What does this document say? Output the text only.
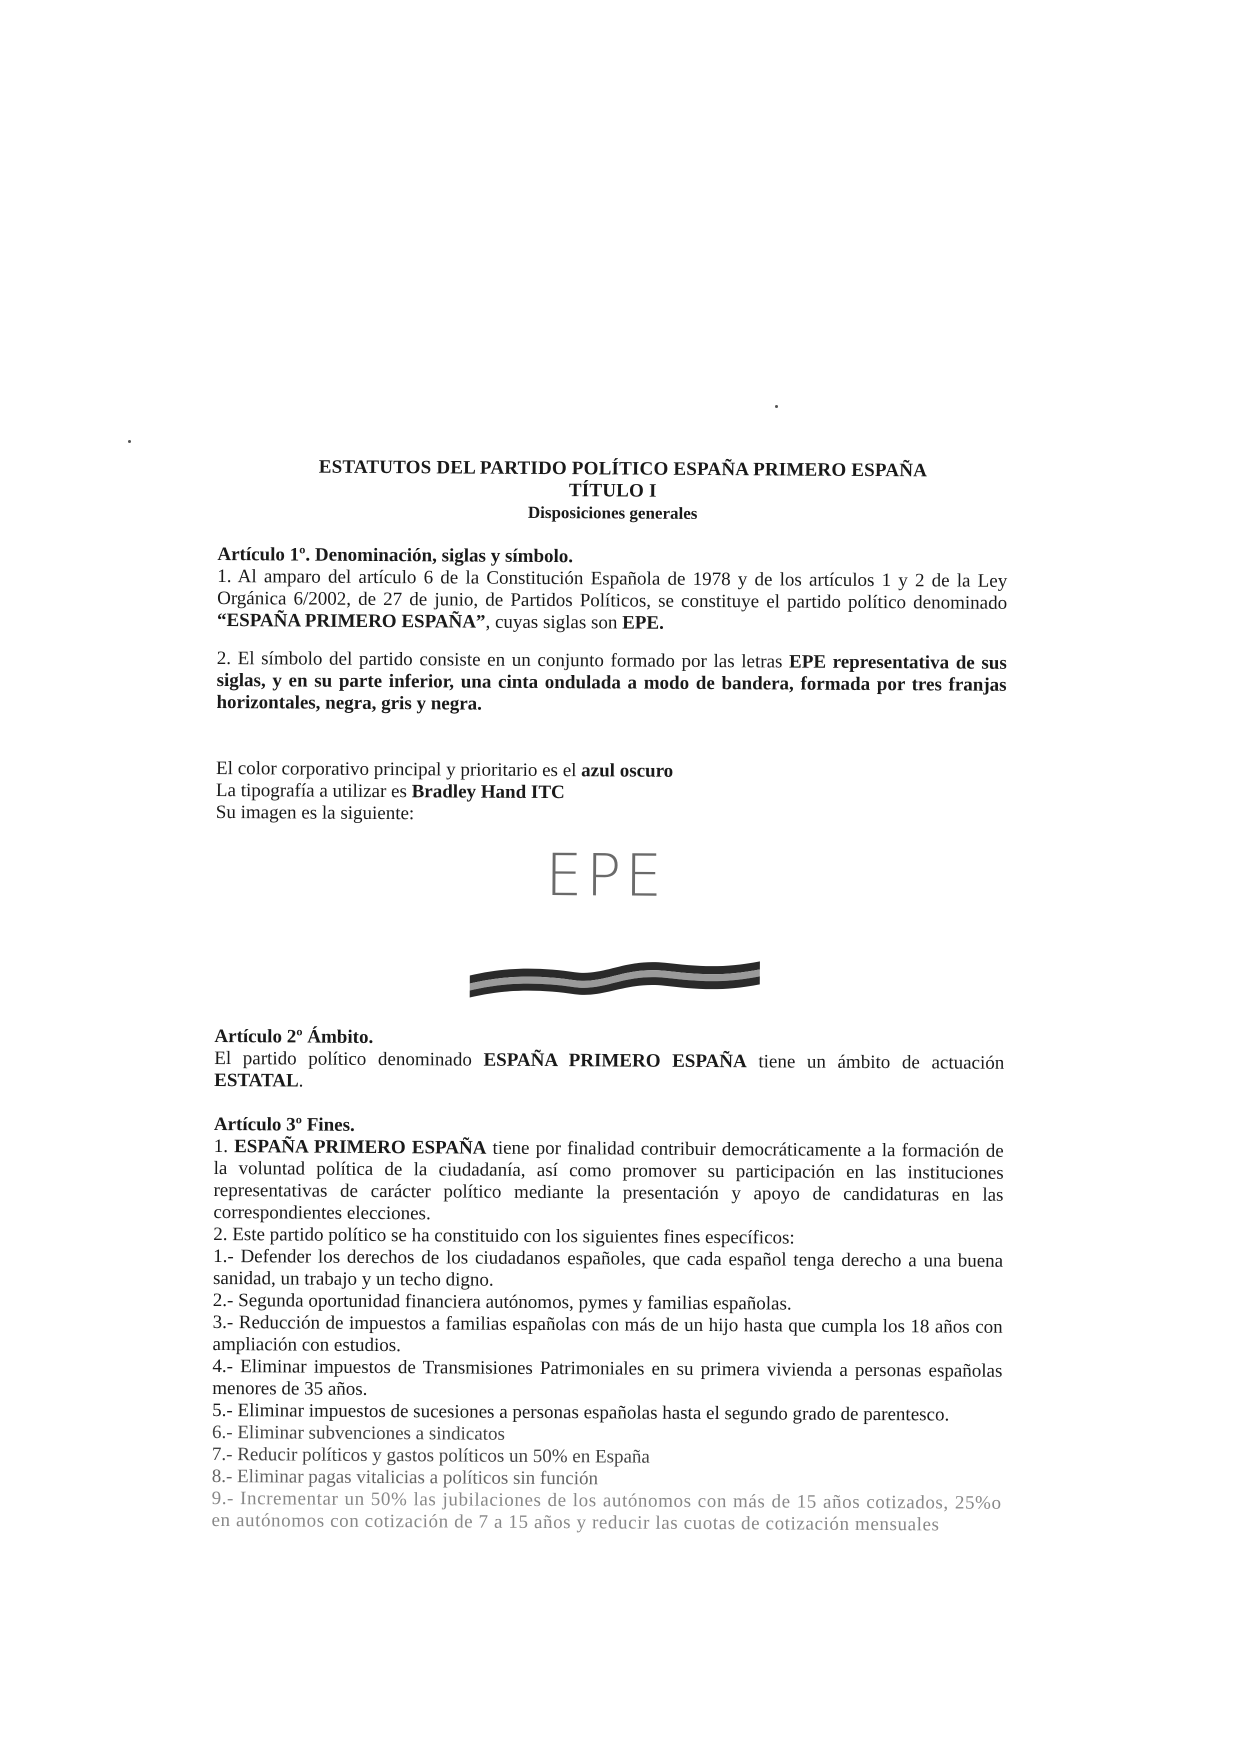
ESTATUTOS DEL PARTIDO POLÍTICO ESPAÑA PRIMERO ESPAÑA
TÍTULO I
Disposiciones generales
Artículo 1º. Denominación, siglas y símbolo.

1. Al amparo del artículo 6 de la Constitución Española de 1978 y de los artículos 1 y 2 de la Ley Orgánica 6/2002, de 27 de junio, de Partidos Políticos, se constituye el partido político denominado “ESPAÑA PRIMERO ESPAÑA”, cuyas siglas son EPE.

2. El símbolo del partido consiste en un conjunto formado por las letras EPE representativa de sus siglas, y en su parte inferior, una cinta ondulada a modo de bandera, formada por tres franjas horizontales, negra, gris y negra.

El color corporativo principal y prioritario es el azul oscuro
La tipografía a utilizar es Bradley Hand ITC
Su imagen es la siguiente:
EPE
Artículo 2º Ámbito.

El partido político denominado ESPAÑA PRIMERO ESPAÑA tiene un ámbito de actuación ESTATAL.

Artículo 3º Fines.

1. ESPAÑA PRIMERO ESPAÑA tiene por finalidad contribuir democráticamente a la formación de la voluntad política de la ciudadanía, así como promover su participación en las instituciones representativas de carácter político mediante la presentación y apoyo de candidaturas en las correspondientes elecciones.

2. Este partido político se ha constituido con los siguientes fines específicos:

1.- Defender los derechos de los ciudadanos españoles, que cada español tenga derecho a una buena sanidad, un trabajo y un techo digno.

2.- Segunda oportunidad financiera autónomos, pymes y familias españolas.

3.- Reducción de impuestos a familias españolas con más de un hijo hasta que cumpla los 18 años con ampliación con estudios.

4.- Eliminar impuestos de Transmisiones Patrimoniales en su primera vivienda a personas españolas menores de 35 años.

5.- Eliminar impuestos de sucesiones a personas españolas hasta el segundo grado de parentesco.

6.- Eliminar subvenciones a sindicatos

7.- Reducir políticos y gastos políticos un 50% en España

8.- Eliminar pagas vitalicias a políticos sin función

9.- Incrementar un 50% las jubilaciones de los autónomos con más de 15 años cotizados, 25%o en autónomos con cotización de 7 a 15 años y reducir las cuotas de cotización mensuales
